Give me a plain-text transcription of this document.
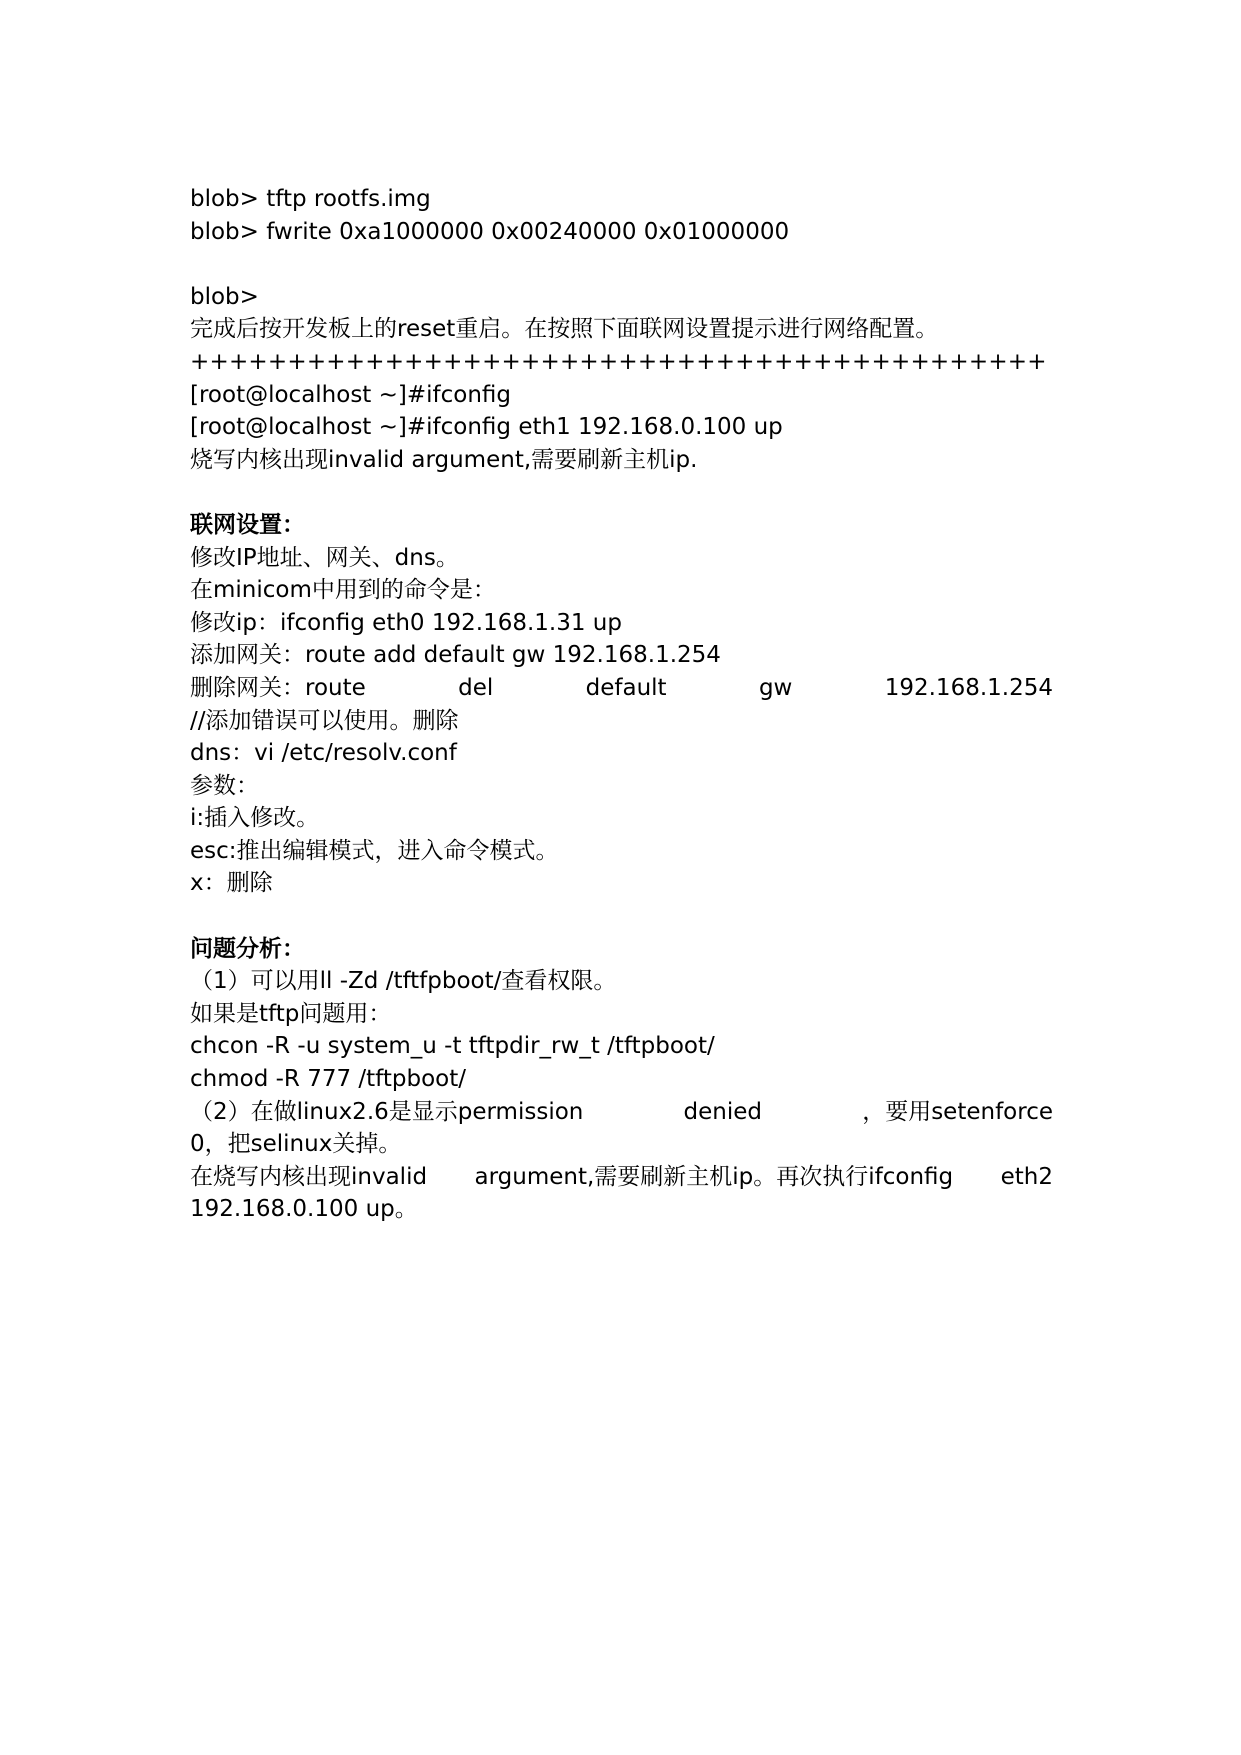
blob> tftp rootfs.img
blob> fwrite 0xa1000000 0x00240000 0x01000000
blob>
完成后按开发板上的reset重启。在按照下面联网设置提示进行网络配置。
++++++++++++++++++++++++++++++++++++++++++++
[root@localhost ~]#ifconfig
[root@localhost ~]#ifconfig eth1 192.168.0.100 up
烧写内核出现invalid argument,需要刷新主机ip.
联网设置：
修改IP地址、网关、dns。
在minicom中用到的命令是：
修改ip：ifconfig eth0 192.168.1.31 up
添加网关：route add default gw 192.168.1.254
删除网关：route	del	default	gw	192.168.1.254
//添加错误可以使用。删除
dns：vi /etc/resolv.conf
参数：
i:插入修改。
esc:推出编辑模式，进入命令模式。
x：删除
问题分析：
（1）可以用ll -Zd /tftfpboot/查看权限。
如果是tftp问题用：
chcon -R -u system_u -t tftpdir_rw_t /tftpboot/
chmod -R 777 /tftpboot/
（2）在做linux2.6是显示permission	denied	，要用setenforce
0，把selinux关掉。
在烧写内核出现invalid argument,需要刷新主机ip。再次执行ifconfig eth2
192.168.0.100 up。
